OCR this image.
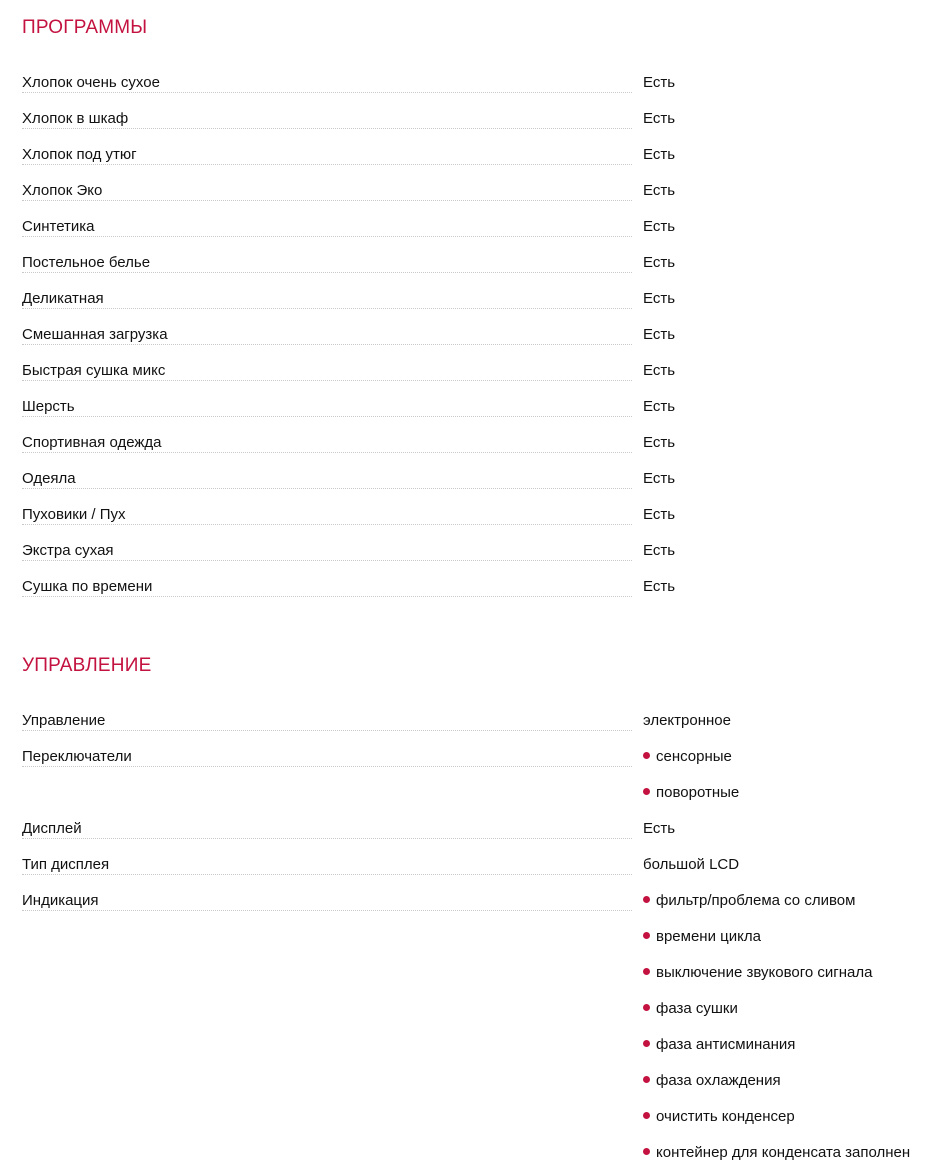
ПРОГРАММЫ
Хлопок очень сухое	Есть
Хлопок в шкаф	Есть
Хлопок под утюг	Есть
Хлопок Эко	Есть
Синтетика	Есть
Постельное белье	Есть
Деликатная	Есть
Смешанная загрузка	Есть
Быстрая сушка микс	Есть
Шерсть	Есть
Спортивная одежда	Есть
Одеяла	Есть
Пуховики / Пух	Есть
Экстра сухая	Есть
Сушка по времени	Есть
УПРАВЛЕНИЕ
Управление	электронное
Переключатели	сенсорные
поворотные
Дисплей	Есть
Тип дисплея	большой LCD
Индикация	фильтр/проблема со сливом
времени цикла
выключение звукового сигнала
фаза сушки
фаза антисминания
фаза охлаждения
очистить конденсер
контейнер для конденсата заполнен
